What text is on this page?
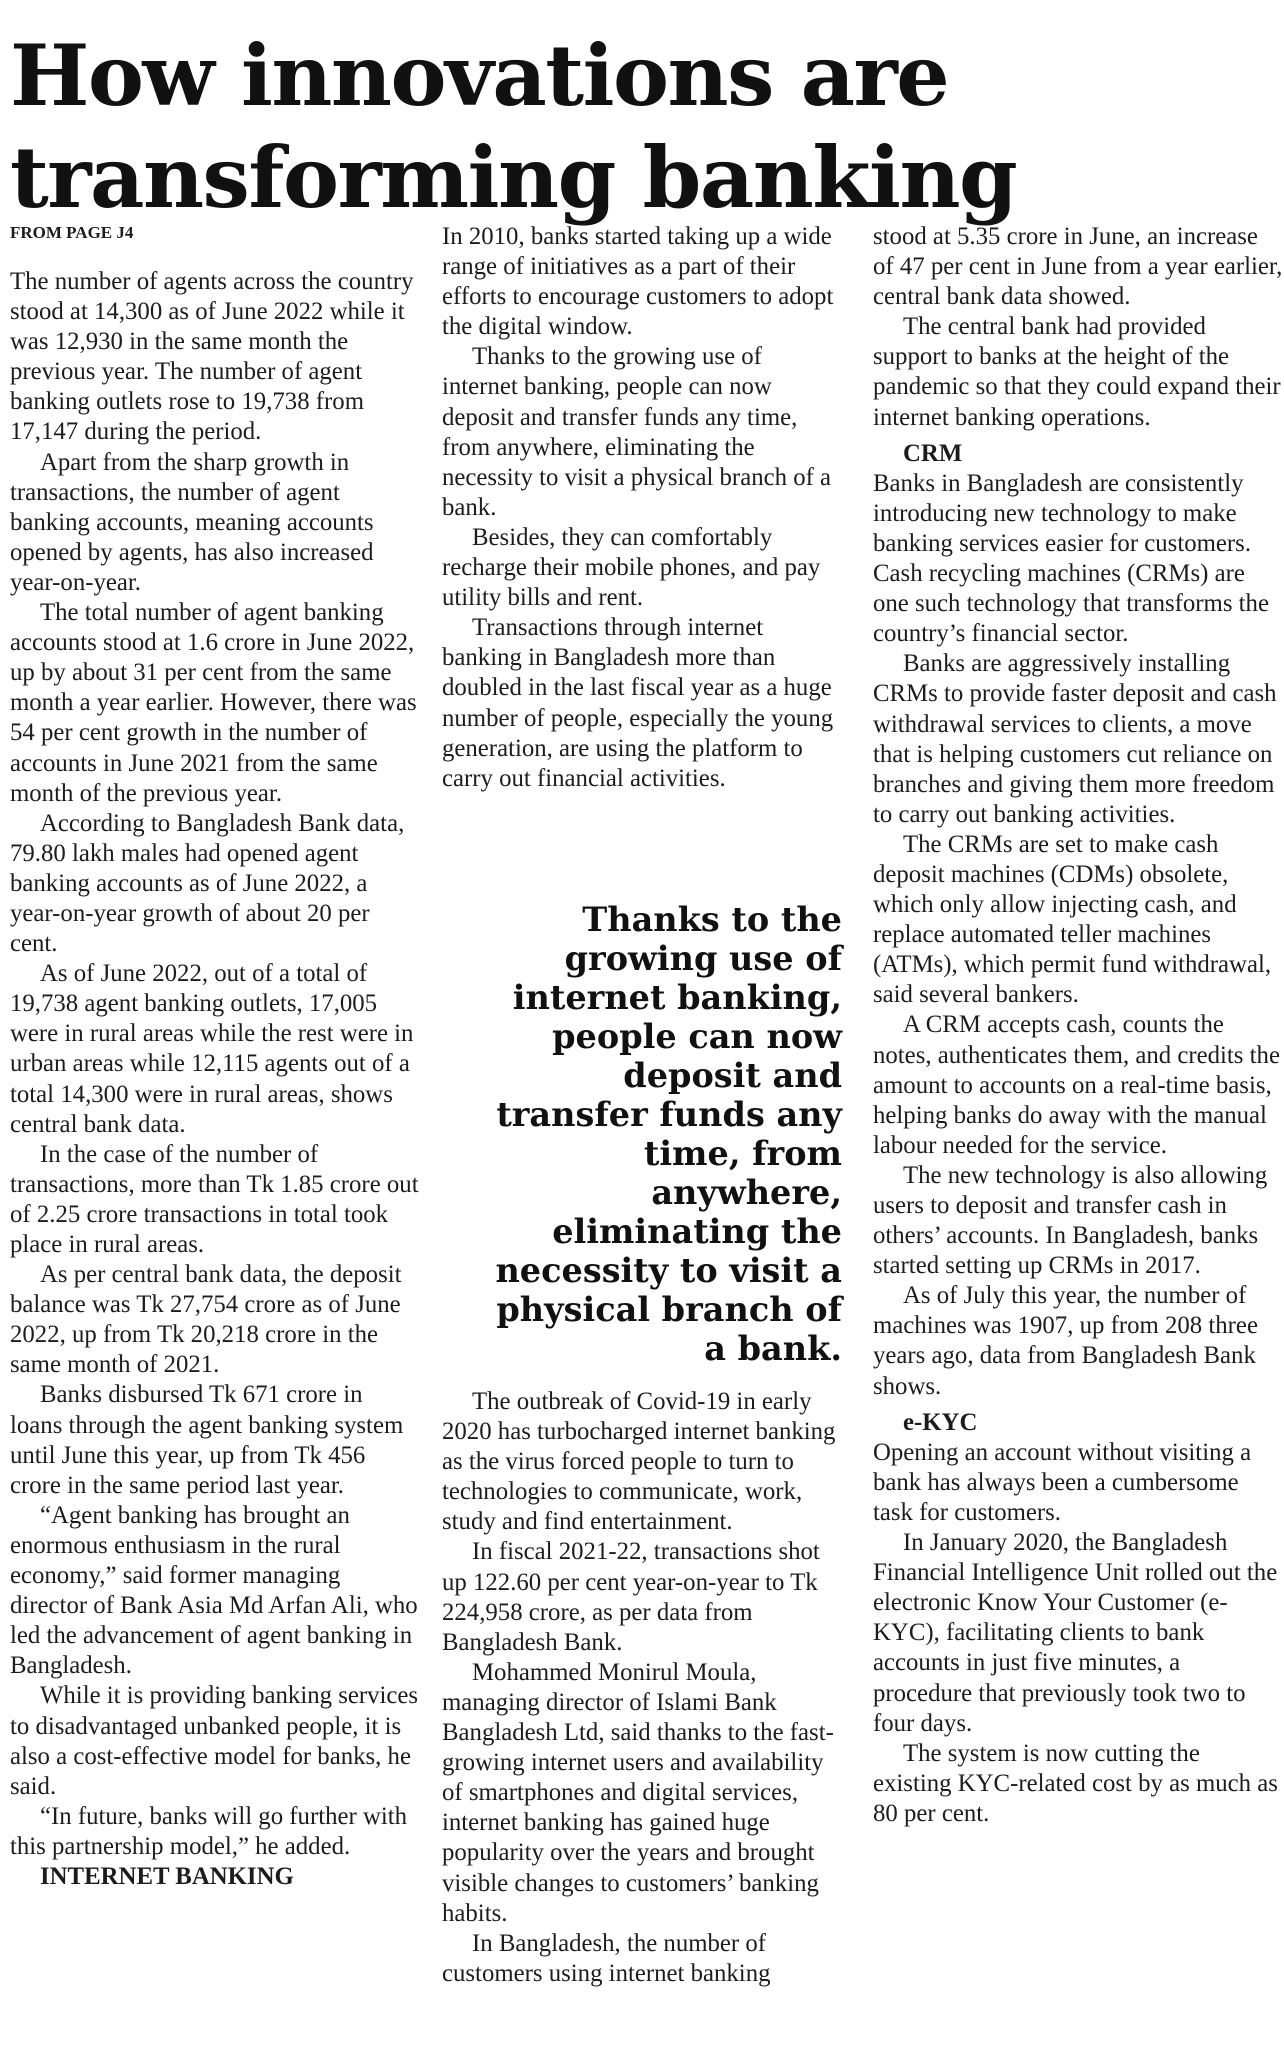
How innovations are transforming banking
FROM PAGE J4

The number of agents across the country stood at 14,300 as of June 2022 while it was 12,930 in the same month the previous year. The number of agent banking outlets rose to 19,738 from 17,147 during the period.

Apart from the sharp growth in transactions, the number of agent banking accounts, meaning accounts opened by agents, has also increased year-on-year.

The total number of agent banking accounts stood at 1.6 crore in June 2022, up by about 31 per cent from the same month a year earlier. However, there was 54 per cent growth in the number of accounts in June 2021 from the same month of the previous year.

According to Bangladesh Bank data, 79.80 lakh males had opened agent banking accounts as of June 2022, a year-on-year growth of about 20 per cent.

As of June 2022, out of a total of 19,738 agent banking outlets, 17,005 were in rural areas while the rest were in urban areas while 12,115 agents out of a total 14,300 were in rural areas, shows central bank data.

In the case of the number of transactions, more than Tk 1.85 crore out of 2.25 crore transactions in total took place in rural areas.

As per central bank data, the deposit balance was Tk 27,754 crore as of June 2022, up from Tk 20,218 crore in the same month of 2021.

Banks disbursed Tk 671 crore in loans through the agent banking system until June this year, up from Tk 456 crore in the same period last year.

“Agent banking has brought an enormous enthusiasm in the rural economy,” said former managing director of Bank Asia Md Arfan Ali, who led the advancement of agent banking in Bangladesh.

While it is providing banking services to disadvantaged unbanked people, it is also a cost-effective model for banks, he said.

“In future, banks will go further with this partnership model,” he added.

INTERNET BANKING

In 2010, banks started taking up a wide range of initiatives as a part of their efforts to encourage customers to adopt the digital window.

Thanks to the growing use of internet banking, people can now deposit and transfer funds any time, from anywhere, eliminating the necessity to visit a physical branch of a bank.

Besides, they can comfortably recharge their mobile phones, and pay utility bills and rent.

Transactions through internet banking in Bangladesh more than doubled in the last fiscal year as a huge number of people, especially the young generation, are using the platform to carry out financial activities.

Thanks to the growing use of internet banking, people can now deposit and transfer funds any time, from anywhere, eliminating the necessity to visit a physical branch of a bank.

The outbreak of Covid-19 in early 2020 has turbocharged internet banking as the virus forced people to turn to technologies to communicate, work, study and find entertainment.

In fiscal 2021-22, transactions shot up 122.60 per cent year-on-year to Tk 224,958 crore, as per data from Bangladesh Bank.

Mohammed Monirul Moula, managing director of Islami Bank Bangladesh Ltd, said thanks to the fast-growing internet users and availability of smartphones and digital services, internet banking has gained huge popularity over the years and brought visible changes to customers’ banking habits.

In Bangladesh, the number of customers using internet banking

stood at 5.35 crore in June, an increase of 47 per cent in June from a year earlier, central bank data showed.

The central bank had provided support to banks at the height of the pandemic so that they could expand their internet banking operations.

CRM

Banks in Bangladesh are consistently introducing new technology to make banking services easier for customers. Cash recycling machines (CRMs) are one such technology that transforms the country’s financial sector.

Banks are aggressively installing CRMs to provide faster deposit and cash withdrawal services to clients, a move that is helping customers cut reliance on branches and giving them more freedom to carry out banking activities.

The CRMs are set to make cash deposit machines (CDMs) obsolete, which only allow injecting cash, and replace automated teller machines (ATMs), which permit fund withdrawal, said several bankers.

A CRM accepts cash, counts the notes, authenticates them, and credits the amount to accounts on a real-time basis, helping banks do away with the manual labour needed for the service.

The new technology is also allowing users to deposit and transfer cash in others’ accounts. In Bangladesh, banks started setting up CRMs in 2017.

As of July this year, the number of machines was 1907, up from 208 three years ago, data from Bangladesh Bank shows.

e-KYC

Opening an account without visiting a bank has always been a cumbersome task for customers.

In January 2020, the Bangladesh Financial Intelligence Unit rolled out the electronic Know Your Customer (e-KYC), facilitating clients to bank accounts in just five minutes, a procedure that previously took two to four days.

The system is now cutting the existing KYC-related cost by as much as 80 per cent.
